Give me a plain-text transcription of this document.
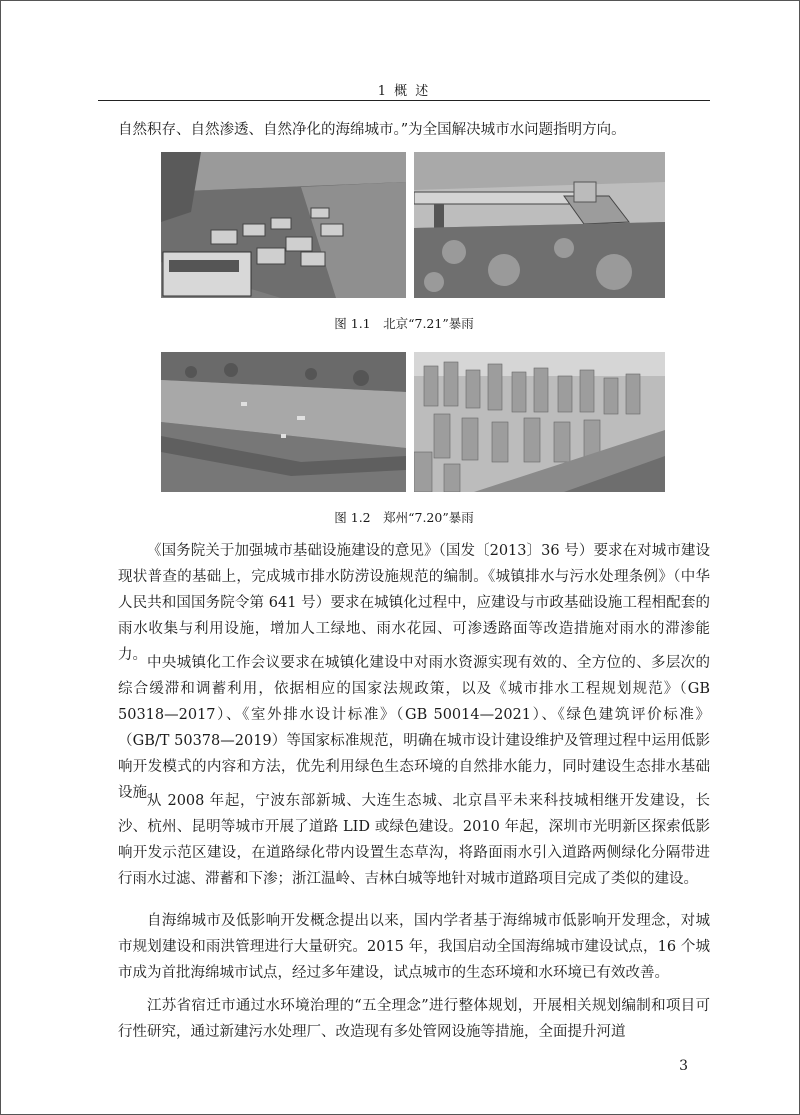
1 概 述

自然积存、自然渗透、自然净化的海绵城市。”为全国解决城市水问题指明方向。

图 1.1　北京“7.21”暴雨
图 1.2　郑州“7.20”暴雨

《国务院关于加强城市基础设施建设的意见》（国发〔2013〕36 号）要求在对城市建设现状普查的基础上，完成城市排水防涝设施规范的编制。《城镇排水与污水处理条例》（中华人民共和国国务院令第 641 号）要求在城镇化过程中，应建设与市政基础设施工程相配套的雨水收集与利用设施，增加人工绿地、雨水花园、可渗透路面等改造措施对雨水的滞渗能力。 中央城镇化工作会议要求在城镇化建设中对雨水资源实现有效的、全方位的、多层次的综合缓滞和调蓄利用，依据相应的国家法规政策，以及《城市排水工程规划规范》（GB 50318—2017）、《室外排水设计标准》（GB 50014—2021）、《绿色建筑评价标准》（GB/T 50378—2019）等国家标准规范，明确在城市设计建设维护及管理过程中运用低影响开发模式的内容和方法，优先利用绿色生态环境的自然排水能力，同时建设生态排水基础设施。

从 2008 年起，宁波东部新城、大连生态城、北京昌平未来科技城相继开发建设，长沙、杭州、昆明等城市开展了道路 LID 或绿色建设。2010 年起，深圳市光明新区探索低影响开发示范区建设，在道路绿化带内设置生态草沟，将路面雨水引入道路两侧绿化分隔带进行雨水过滤、滞蓄和下渗；浙江温岭、吉林白城等地针对城市道路项目完成了类似的建设。

自海绵城市及低影响开发概念提出以来，国内学者基于海绵城市低影响开发理念，对城市规划建设和雨洪管理进行大量研究。2015 年，我国启动全国海绵城市建设试点，16 个城市成为首批海绵城市试点，经过多年建设，试点城市的生态环境和水环境已有效改善。

江苏省宿迁市通过水环境治理的“五全理念”进行整体规划，开展相关规划编制和项目可行性研究，通过新建污水处理厂、改造现有多处管网设施等措施，全面提升河道

3
